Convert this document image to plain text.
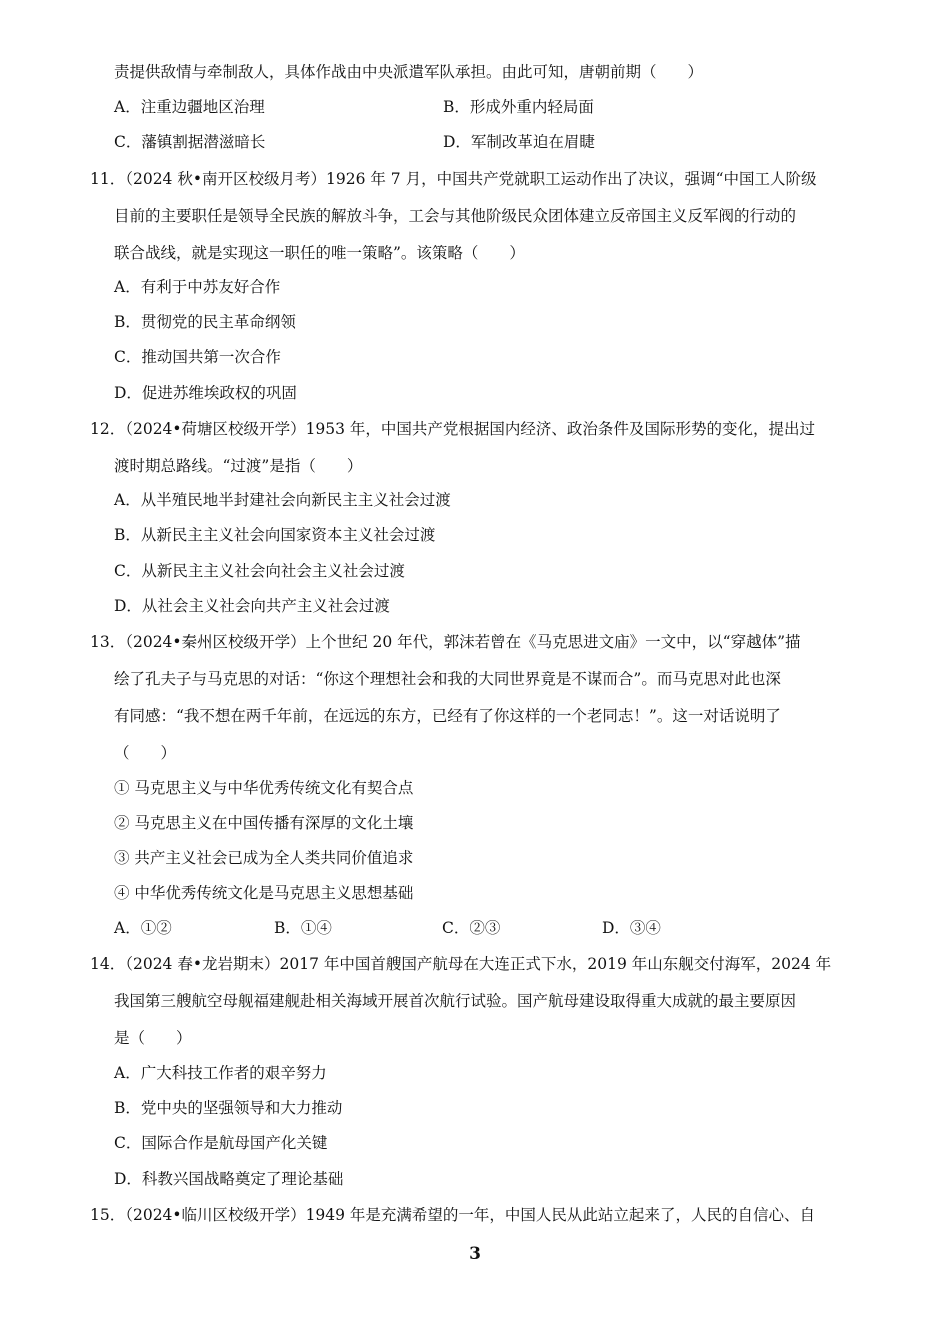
责提供敌情与牵制敌人，具体作战由中央派遣军队承担。由此可知，唐朝前期（　　）
A．注重边疆地区治理	B．形成外重内轻局面
C．藩镇割据潜滋暗长	D．军制改革迫在眉睫
11．（2024 秋•南开区校级月考）1926 年 7 月，中国共产党就职工运动作出了决议，强调“中国工人阶级
目前的主要职任是领导全民族的解放斗争，工会与其他阶级民众团体建立反帝国主义反军阀的行动的
联合战线，就是实现这一职任的唯一策略”。该策略（　　）
A．有利于中苏友好合作
B．贯彻党的民主革命纲领
C．推动国共第一次合作
D．促进苏维埃政权的巩固
12．（2024•荷塘区校级开学）1953 年，中国共产党根据国内经济、政治条件及国际形势的变化，提出过
渡时期总路线。“过渡”是指（　　）
A．从半殖民地半封建社会向新民主主义社会过渡
B．从新民主主义社会向国家资本主义社会过渡
C．从新民主主义社会向社会主义社会过渡
D．从社会主义社会向共产主义社会过渡
13．（2024•秦州区校级开学）上个世纪 20 年代，郭沫若曾在《马克思进文庙》一文中，以“穿越体”描
绘了孔夫子与马克思的对话：“你这个理想社会和我的大同世界竟是不谋而合”。而马克思对此也深
有同感：“我不想在两千年前，在远远的东方，已经有了你这样的一个老同志！”。这一对话说明了
（　　）
① 马克思主义与中华优秀传统文化有契合点
② 马克思主义在中国传播有深厚的文化土壤
③ 共产主义社会已成为全人类共同价值追求
④ 中华优秀传统文化是马克思主义思想基础
A．①②	B．①④	C．②③	D．③④
14．（2024 春•龙岩期末）2017 年中国首艘国产航母在大连正式下水，2019 年山东舰交付海军，2024 年
我国第三艘航空母舰福建舰赴相关海域开展首次航行试验。国产航母建设取得重大成就的最主要原因
是（　　）
A．广大科技工作者的艰辛努力
B．党中央的坚强领导和大力推动
C．国际合作是航母国产化关键
D．科教兴国战略奠定了理论基础
15．（2024•临川区校级开学）1949 年是充满希望的一年，中国人民从此站立起来了，人民的自信心、自
3
